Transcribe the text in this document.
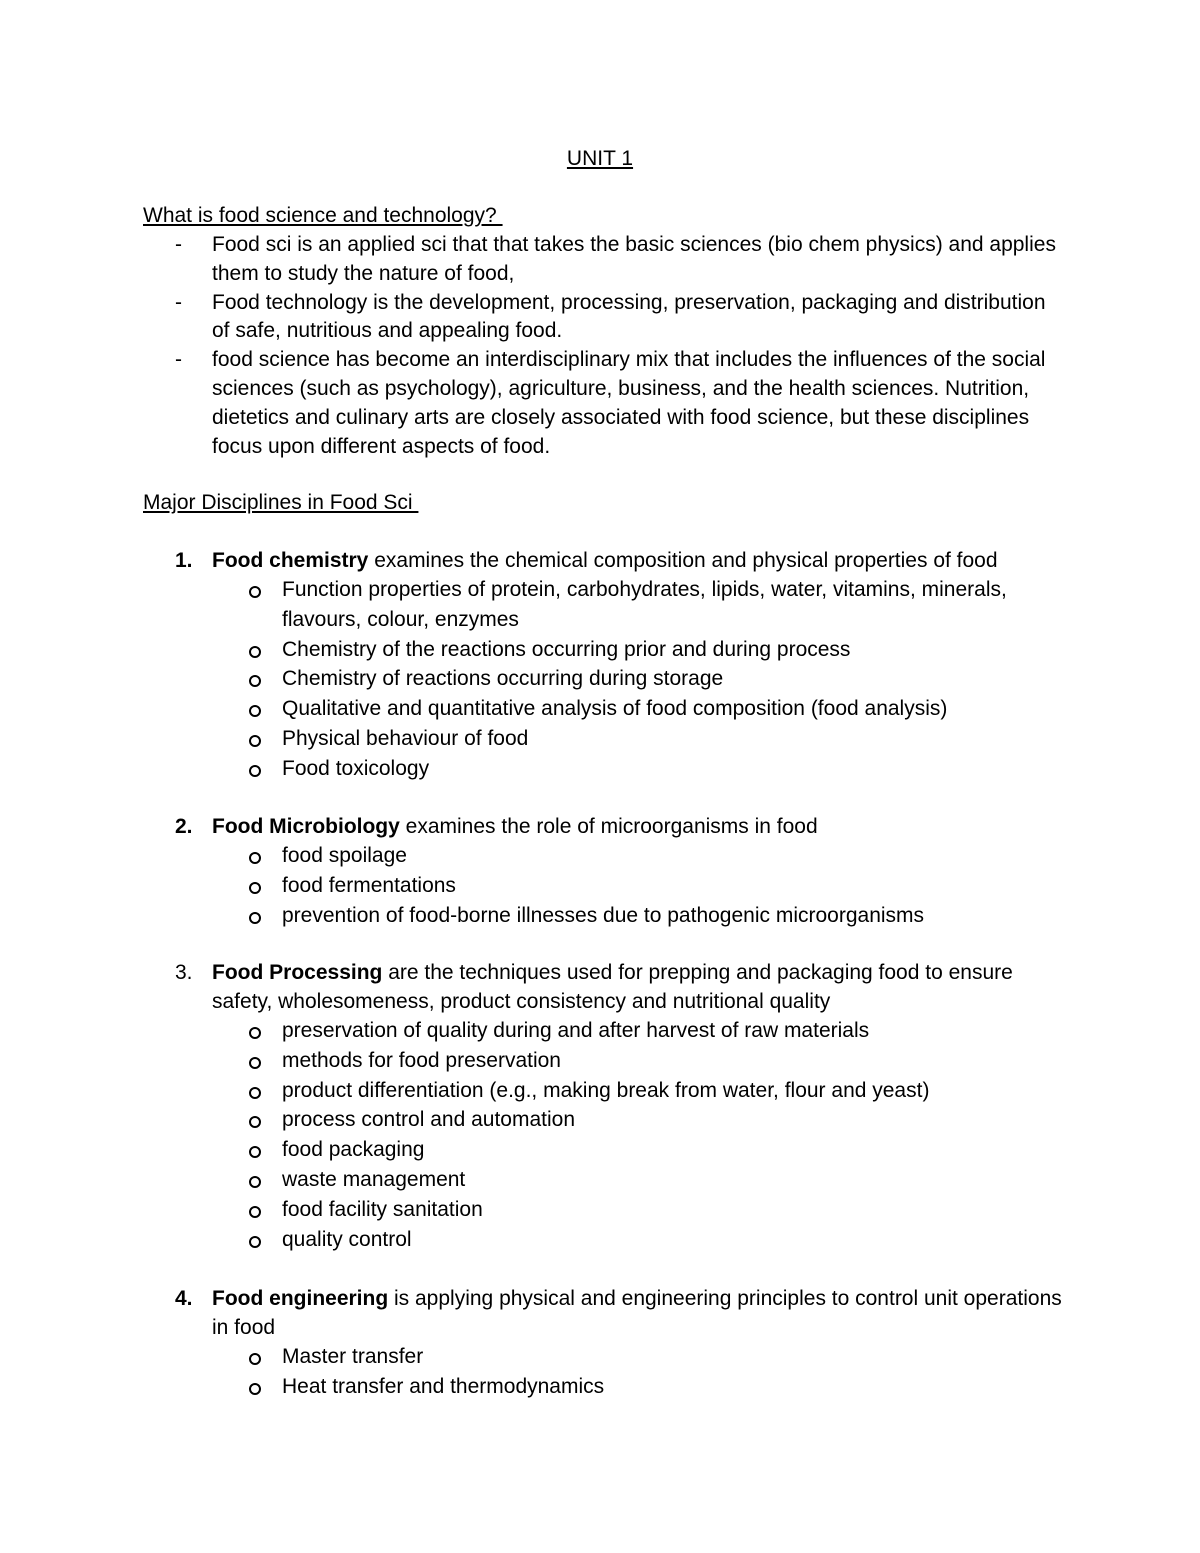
UNIT 1
What is food science and technology?
- Food sci is an applied sci that that takes the basic sciences (bio chem physics) and applies them to study the nature of food,
- Food technology is the development, processing, preservation, packaging and distribution of safe, nutritious and appealing food.
- food science has become an interdisciplinary mix that includes the influences of the social sciences (such as psychology), agriculture, business, and the health sciences. Nutrition, dietetics and culinary arts are closely associated with food science, but these disciplines focus upon different aspects of food.
Major Disciplines in Food Sci
1. Food chemistry examines the chemical composition and physical properties of food
Function properties of protein, carbohydrates, lipids, water, vitamins, minerals, flavours, colour, enzymes
Chemistry of the reactions occurring prior and during process
Chemistry of reactions occurring during storage
Qualitative and quantitative analysis of food composition (food analysis)
Physical behaviour of food
Food toxicology
2. Food Microbiology examines the role of microorganisms in food
food spoilage
food fermentations
prevention of food-borne illnesses due to pathogenic microorganisms
3. Food Processing are the techniques used for prepping and packaging food to ensure safety, wholesomeness, product consistency and nutritional quality
preservation of quality during and after harvest of raw materials
methods for food preservation
product differentiation (e.g., making break from water, flour and yeast)
process control and automation
food packaging
waste management
food facility sanitation
quality control
4. Food engineering is applying physical and engineering principles to control unit operations in food
Master transfer
Heat transfer and thermodynamics
